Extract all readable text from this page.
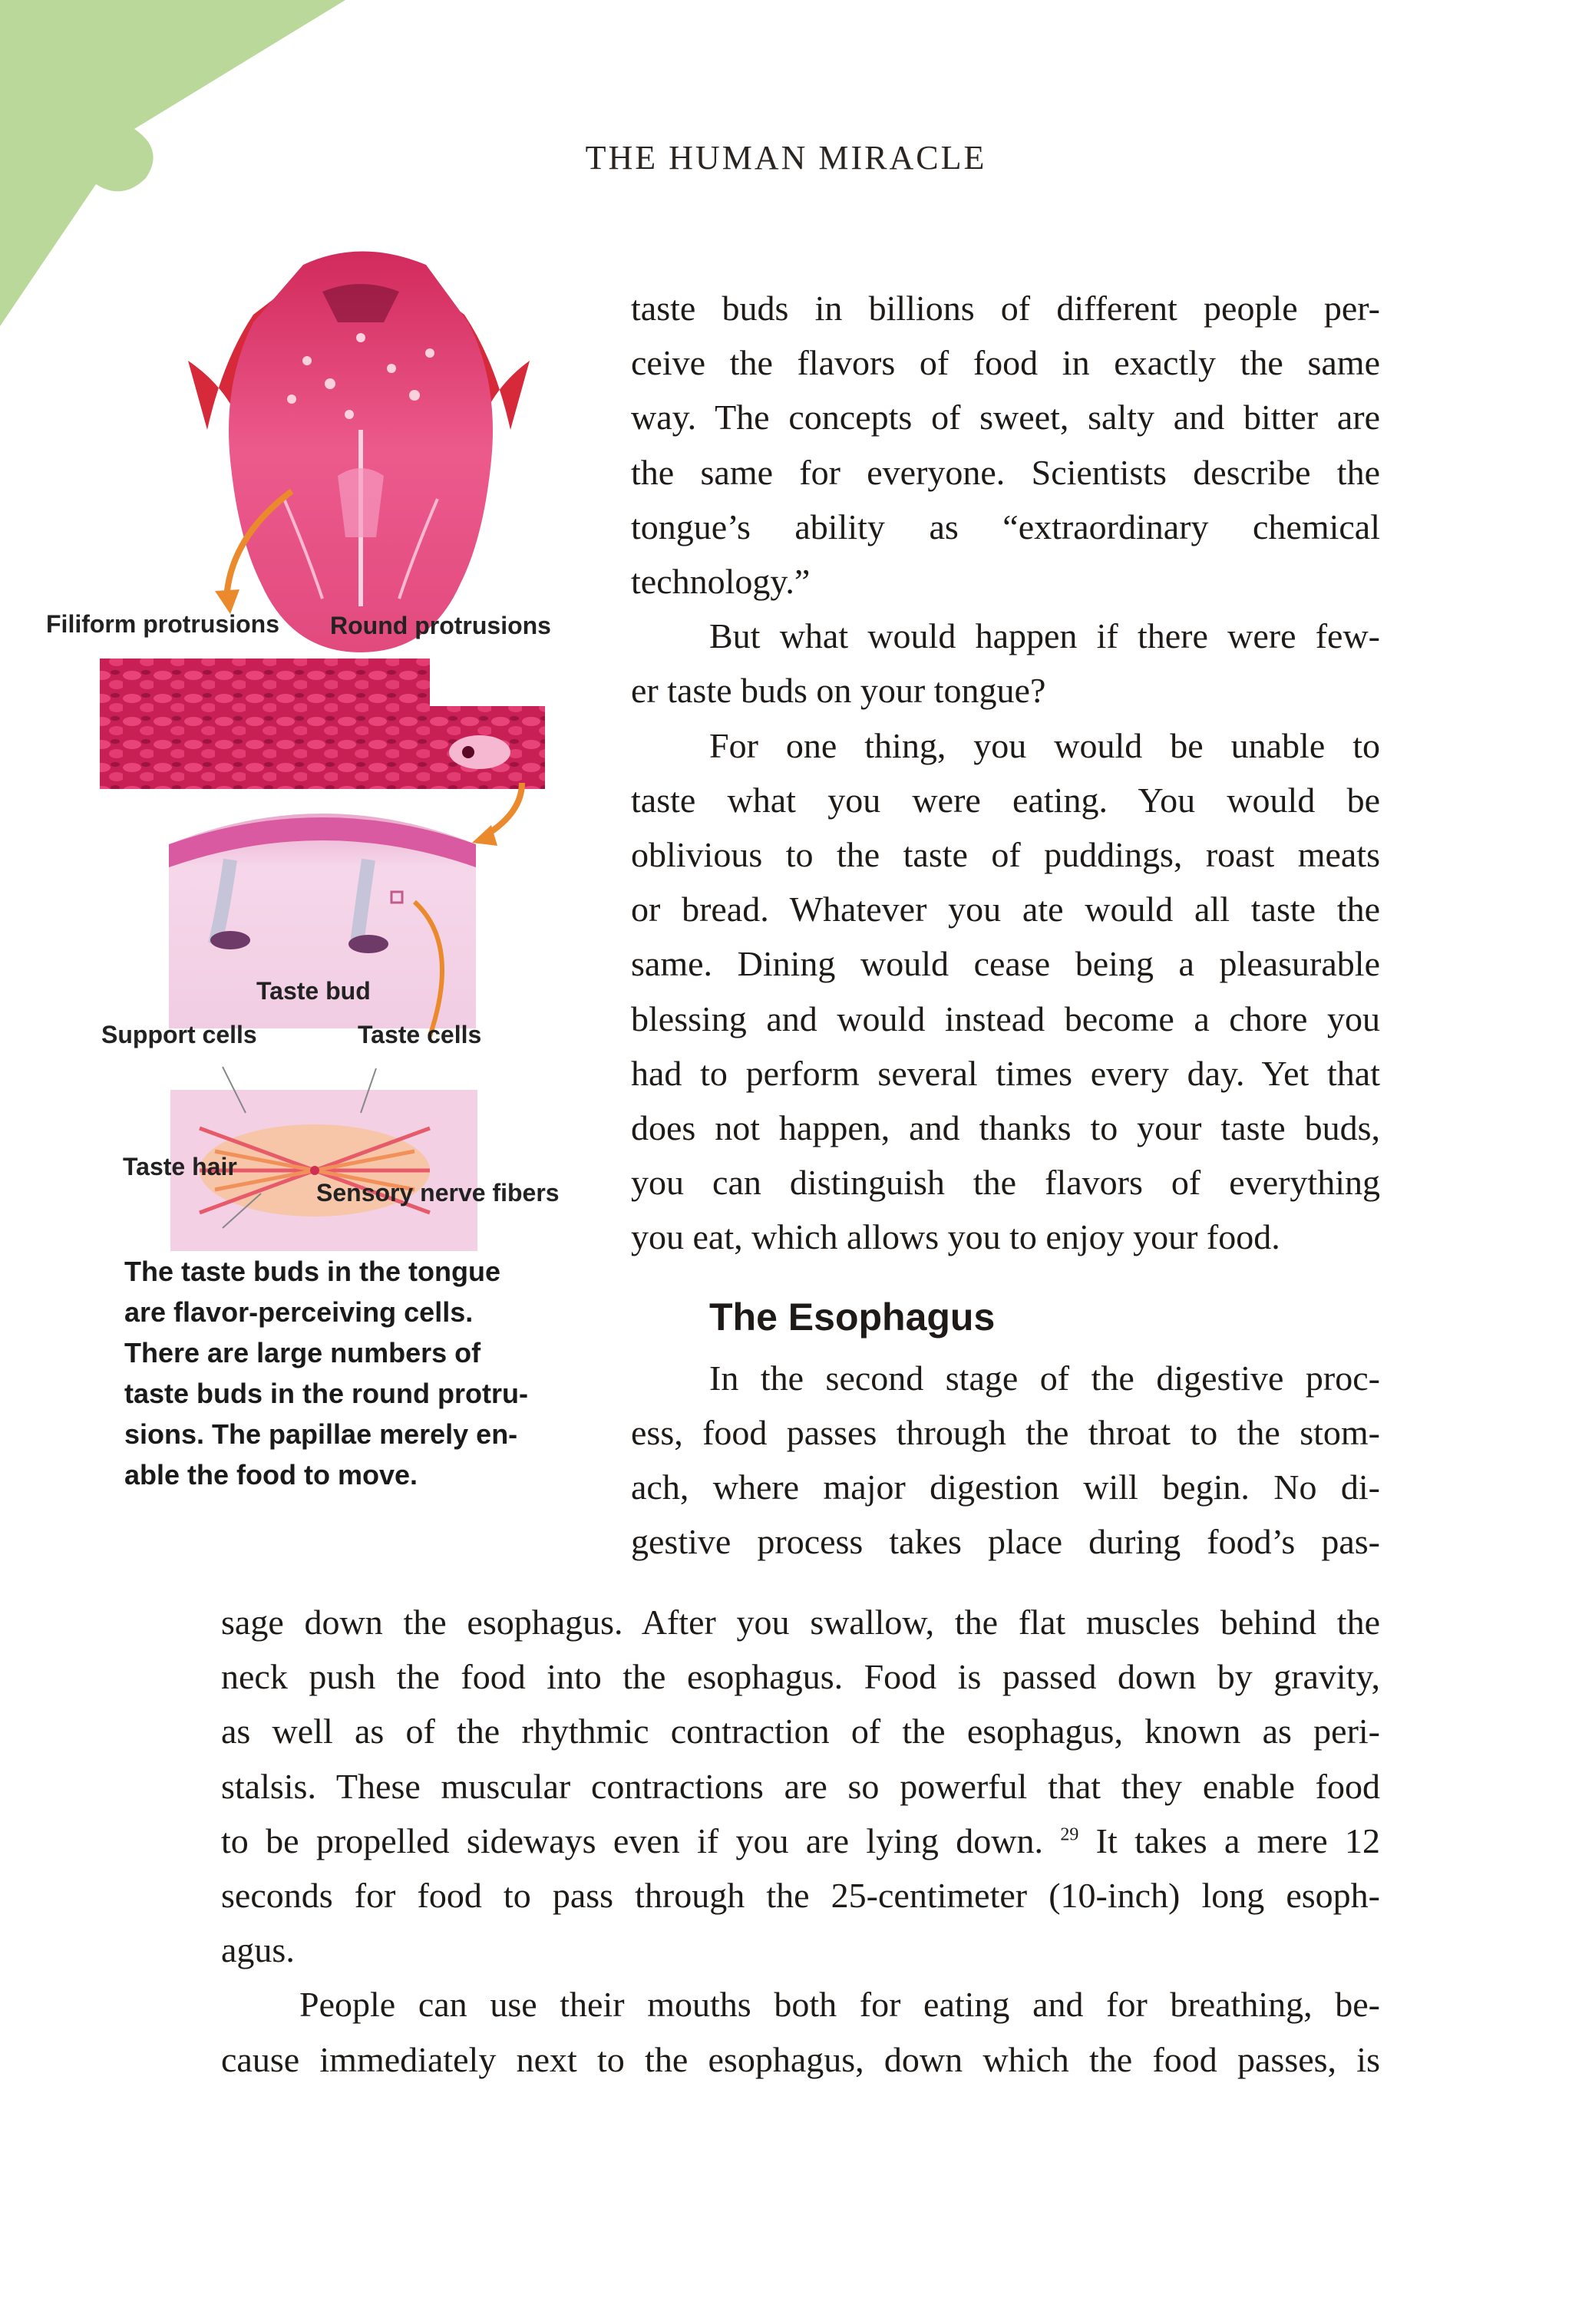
THE HUMAN MIRACLE
Filiform protrusions Round protrusions
Taste bud
Support cells	Taste cells
Taste hair
Sensory nerve fibers
The taste buds in the tongue
are flavor-perceiving cells.
There are large numbers of
taste buds in the round protru-
sions. The papillae merely en-
able the food to move.
taste buds in billions of different people per-
ceive the flavors of food in exactly the same
way. The concepts of sweet, salty and bitter are
the same for everyone. Scientists describe the
tongue’s ability as “extraordinary chemical
technology.”
But what would happen if there were few-
er taste buds on your tongue?
For one thing, you would be unable to
taste what you were eating. You would be
oblivious to the taste of puddings, roast meats
or bread. Whatever you ate would all taste the
same. Dining would cease being a pleasurable
blessing and would instead become a chore you
had to perform several times every day. Yet that
does not happen, and thanks to your taste buds,
you can distinguish the flavors of everything
you eat, which allows you to enjoy your food.
The Esophagus
In the second stage of the digestive proc-
ess, food passes through the throat to the stom-
ach, where major digestion will begin. No di-
gestive process takes place during food’s pas-
sage down the esophagus. After you swallow, the flat muscles behind the
neck push the food into the esophagus. Food is passed down by gravity,
as well as of the rhythmic contraction of the esophagus, known as peri-
stalsis. These muscular contractions are so powerful that they enable food
to be propelled sideways even if you are lying down. $^{29}$ It takes a mere 12
seconds for food to pass through the 25-centimeter (10-inch) long esoph-
agus.
People can use their mouths both for eating and for breathing, be-
cause immediately next to the esophagus, down which the food passes, is
